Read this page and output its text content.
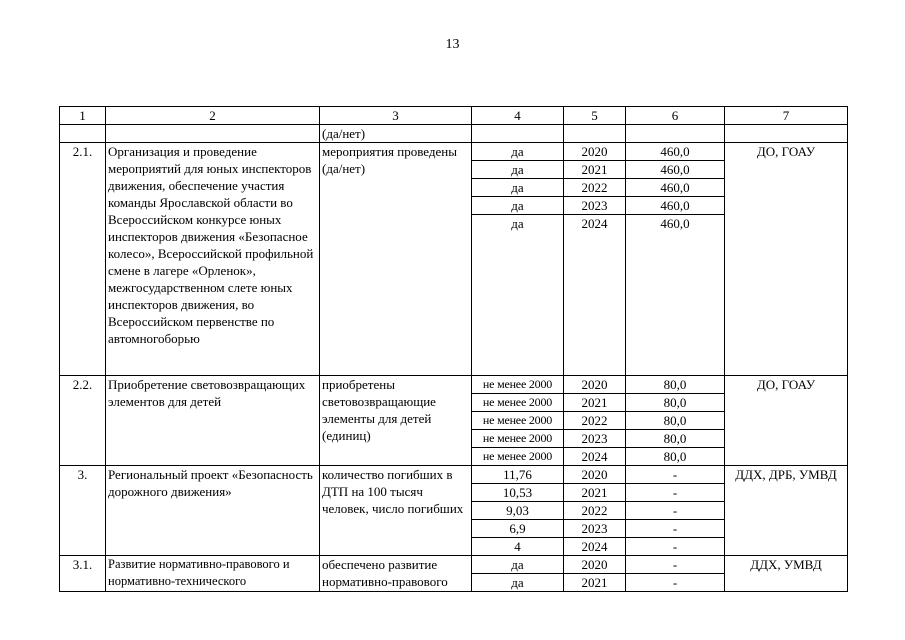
13
1	2	3	4	5	6	7
		(да/нет)				
2.1.	Организация и проведение мероприятий для юных инспекторов движения, обеспечение участия команды Ярославской области во Всероссийском конкурсе юных инспекторов движения «Безопасное колесо», Всероссийской профильной смене в лагере «Орленок», межгосударственном слете юных инспекторов движения, во Всероссийском первенстве по автомногоборью	мероприятия проведены (да/нет)	да	2020	460,0	ДО, ГОАУ
			да	2021	460,0	
			да	2022	460,0	
			да	2023	460,0	
			да	2024	460,0	
2.2.	Приобретение световозвращающих элементов для детей	приобретены световозвращающие элементы для детей (единиц)	не менее 2000	2020	80,0	ДО, ГОАУ
			не менее 2000	2021	80,0	
			не менее 2000	2022	80,0	
			не менее 2000	2023	80,0	
			не менее 2000	2024	80,0	
3.	Региональный проект «Безопасность дорожного движения»	количество погибших в ДТП на 100 тысяч человек, число погибших	11,76	2020	-	ДДХ, ДРБ, УМВД
			10,53	2021	-	
			9,03	2022	-	
			6,9	2023	-	
			4	2024	-	
3.1.	Развитие нормативно-правового и нормативно-технического	обеспечено развитие нормативно-правового	да	2020	-	ДДХ, УМВД
			да	2021	-	
